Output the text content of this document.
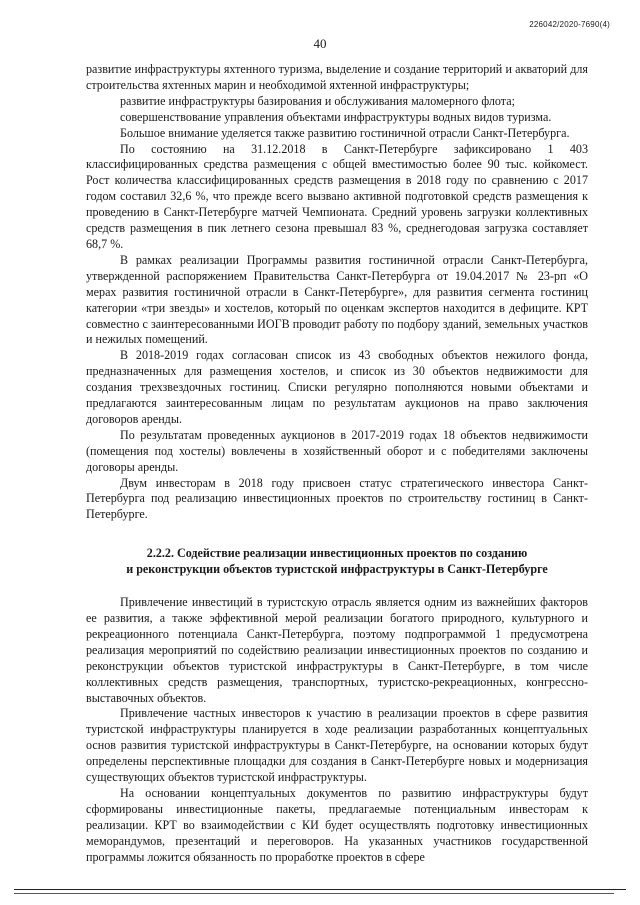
226042/2020-7690(4)
40

развитие инфраструктуры яхтенного туризма, выделение и создание территорий и акваторий для строительства яхтенных марин и необходимой яхтенной инфраструктуры;

развитие инфраструктуры базирования и обслуживания маломерного флота;

совершенствование управления объектами инфраструктуры водных видов туризма.

Большое внимание уделяется также развитию гостиничной отрасли Санкт-Петербурга.

По состоянию на 31.12.2018 в Санкт-Петербурге зафиксировано 1 403 классифицированных средства размещения с общей вместимостью более 90 тыс. койкомест. Рост количества классифицированных средств размещения в 2018 году по сравнению с 2017 годом составил 32,6 %, что прежде всего вызвано активной подготовкой средств размещения к проведению в Санкт-Петербурге матчей Чемпионата. Средний уровень загрузки коллективных средств размещения в пик летнего сезона превышал 83 %, среднегодовая загрузка составляет 68,7 %.

В рамках реализации Программы развития гостиничной отрасли Санкт-Петербурга, утвержденной распоряжением Правительства Санкт-Петербурга от 19.04.2017 № 23-рп «О мерах развития гостиничной отрасли в Санкт-Петербурге», для развития сегмента гостиниц категории «три звезды» и хостелов, который по оценкам экспертов находится в дефиците. КРТ совместно с заинтересованными ИОГВ проводит работу по подбору зданий, земельных участков и нежилых помещений.

В 2018-2019 годах согласован список из 43 свободных объектов нежилого фонда, предназначенных для размещения хостелов, и список из 30 объектов недвижимости для создания трехзвездочных гостиниц. Списки регулярно пополняются новыми объектами и предлагаются заинтересованным лицам по результатам аукционов на право заключения договоров аренды.

По результатам проведенных аукционов в 2017-2019 годах 18 объектов недвижимости (помещения под хостелы) вовлечены в хозяйственный оборот и с победителями заключены договоры аренды.

Двум инвесторам в 2018 году присвоен статус стратегического инвестора Санкт-Петербурга под реализацию инвестиционных проектов по строительству гостиниц в Санкт-Петербурге.

2.2.2. Содействие реализации инвестиционных проектов по созданию
и реконструкции объектов туристской инфраструктуры в Санкт-Петербурге

Привлечение инвестиций в туристскую отрасль является одним из важнейших факторов ее развития, а также эффективной мерой реализации богатого природного, культурного и рекреационного потенциала Санкт-Петербурга, поэтому подпрограммой 1 предусмотрена реализация мероприятий по содействию реализации инвестиционных проектов по созданию и реконструкции объектов туристской инфраструктуры в Санкт-Петербурге, в том числе коллективных средств размещения, транспортных, туристско-рекреационных, конгрессно-выставочных объектов.

Привлечение частных инвесторов к участию в реализации проектов в сфере развития туристской инфраструктуры планируется в ходе реализации разработанных концептуальных основ развития туристской инфраструктуры в Санкт-Петербурге, на основании которых будут определены перспективные площадки для создания в Санкт-Петербурге новых и модернизация существующих объектов туристской инфраструктуры.

На основании концептуальных документов по развитию инфраструктуры будут сформированы инвестиционные пакеты, предлагаемые потенциальным инвесторам к реализации. КРТ во взаимодействии с КИ будет осуществлять подготовку инвестиционных меморандумов, презентаций и переговоров. На указанных участников государственной программы ложится обязанность по проработке проектов в сфере
